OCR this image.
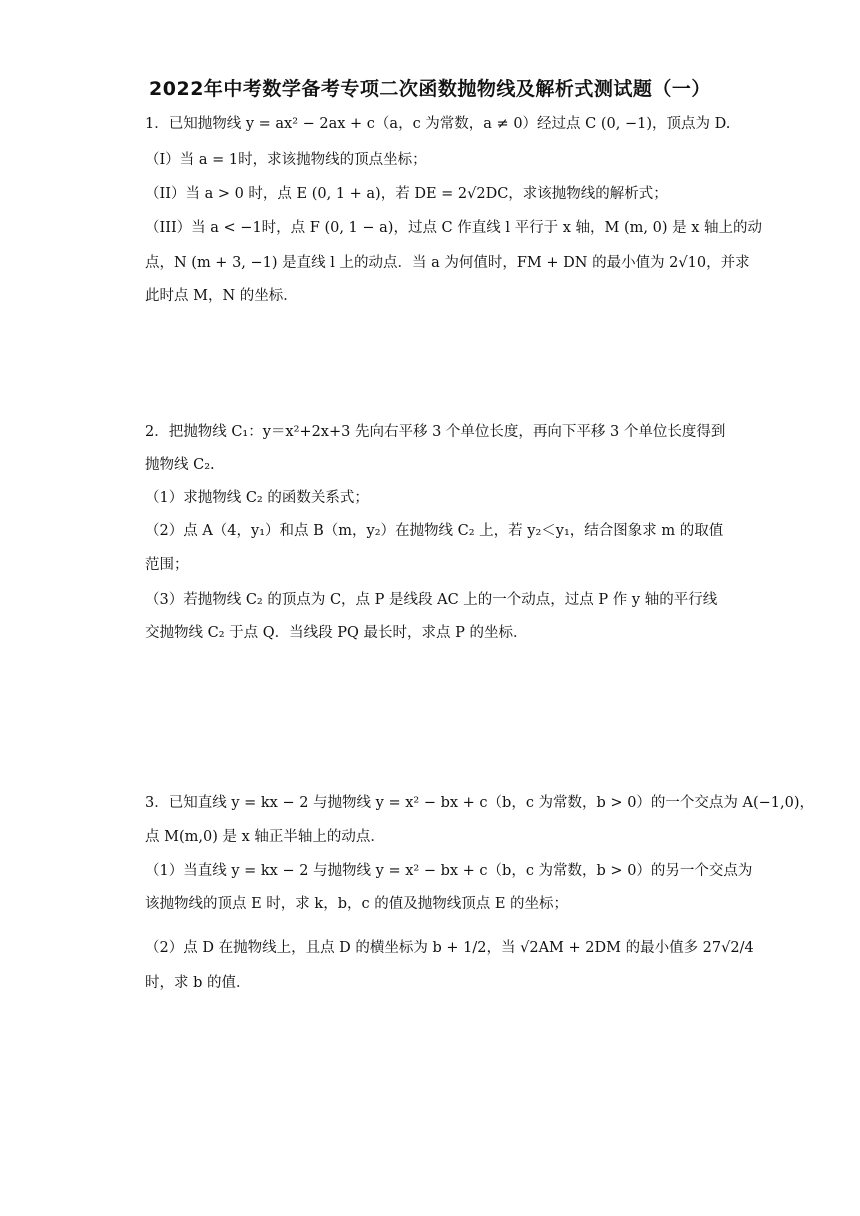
2022年中考数学备考专项二次函数抛物线及解析式测试题（一）
1．已知抛物线 y = ax² − 2ax + c（a，c 为常数，a ≠ 0）经过点 C (0, −1)，顶点为 D.
（I）当 a = 1时，求该抛物线的顶点坐标；
（II）当 a > 0 时，点 E (0, 1 + a)，若 DE = 2√2DC，求该抛物线的解析式；
（III）当 a < −1时，点 F (0, 1 − a)，过点 C 作直线 l 平行于 x 轴，M (m, 0) 是 x 轴上的动
点，N (m + 3, −1) 是直线 l 上的动点．当 a 为何值时，FM + DN 的最小值为 2√10，并求
此时点 M，N 的坐标．
2．把抛物线 C₁：y＝x²+2x+3 先向右平移 3 个单位长度，再向下平移 3 个单位长度得到
抛物线 C₂.
（1）求抛物线 C₂ 的函数关系式；
（2）点 A（4，y₁）和点 B（m，y₂）在抛物线 C₂ 上，若 y₂＜y₁，结合图象求 m 的取值
范围；
（3）若抛物线 C₂ 的顶点为 C，点 P 是线段 AC 上的一个动点，过点 P 作 y 轴的平行线
交抛物线 C₂ 于点 Q．当线段 PQ 最长时，求点 P 的坐标．
3．已知直线 y = kx − 2 与抛物线 y = x² − bx + c（b，c 为常数，b > 0）的一个交点为 A(−1,0)，
点 M(m,0) 是 x 轴正半轴上的动点．
（1）当直线 y = kx − 2 与抛物线 y = x² − bx + c（b，c 为常数，b > 0）的另一个交点为
该抛物线的顶点 E 时，求 k，b，c 的值及抛物线顶点 E 的坐标；
（2）点 D 在抛物线上，且点 D 的横坐标为 b + 1/2，当 √2AM + 2DM 的最小值多 27√2/4
时，求 b 的值．
